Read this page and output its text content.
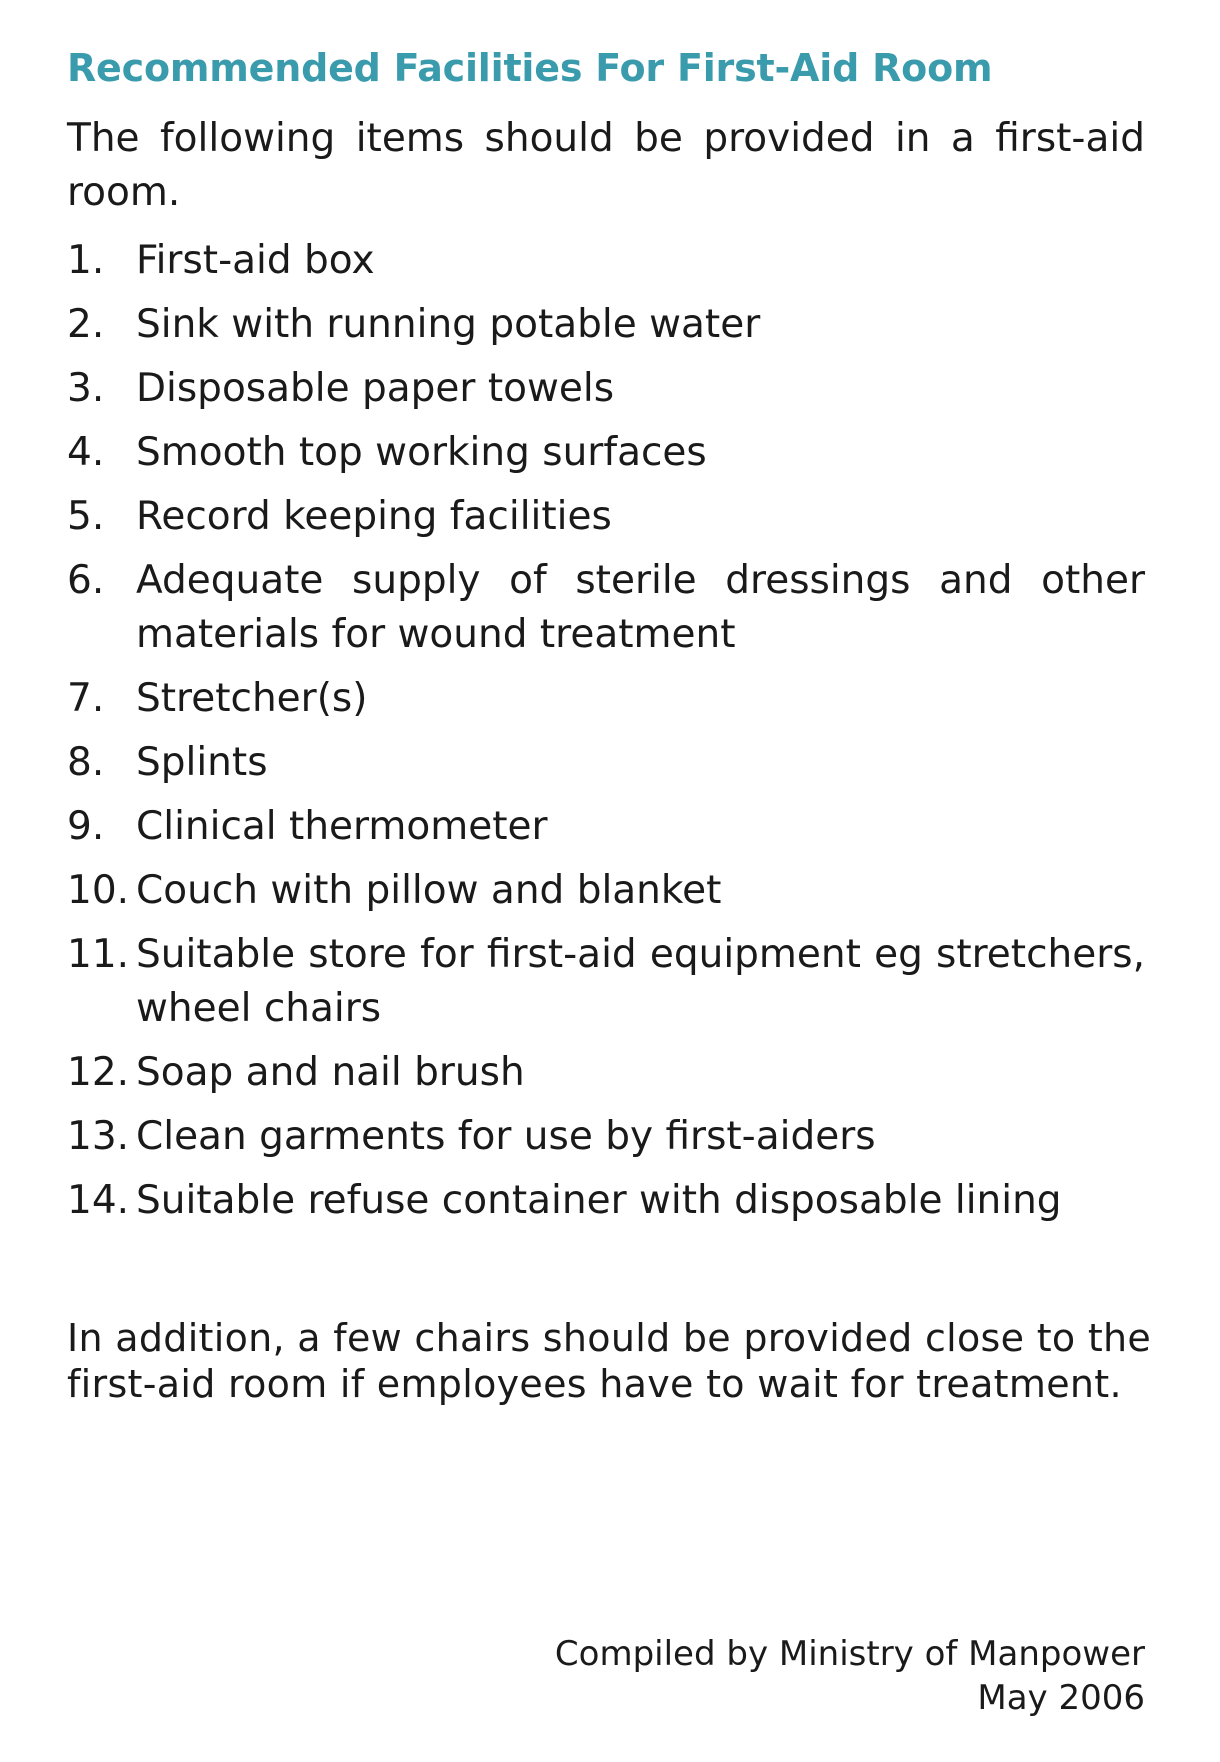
Recommended Facilities For First-Aid Room

The following items should be provided in a first-aid room.

1. First-aid box
2. Sink with running potable water
3. Disposable paper towels
4. Smooth top working surfaces
5. Record keeping facilities
6. Adequate supply of sterile dressings and other materials for wound treatment
7. Stretcher(s)
8. Splints
9. Clinical thermometer
10. Couch with pillow and blanket
11. Suitable store for first-aid equipment eg stretchers, wheel chairs
12. Soap and nail brush
13. Clean garments for use by first-aiders
14. Suitable refuse container with disposable lining

In addition, a few chairs should be provided close to the first-aid room if employees have to wait for treatment.

Compiled by Ministry of Manpower
May 2006
